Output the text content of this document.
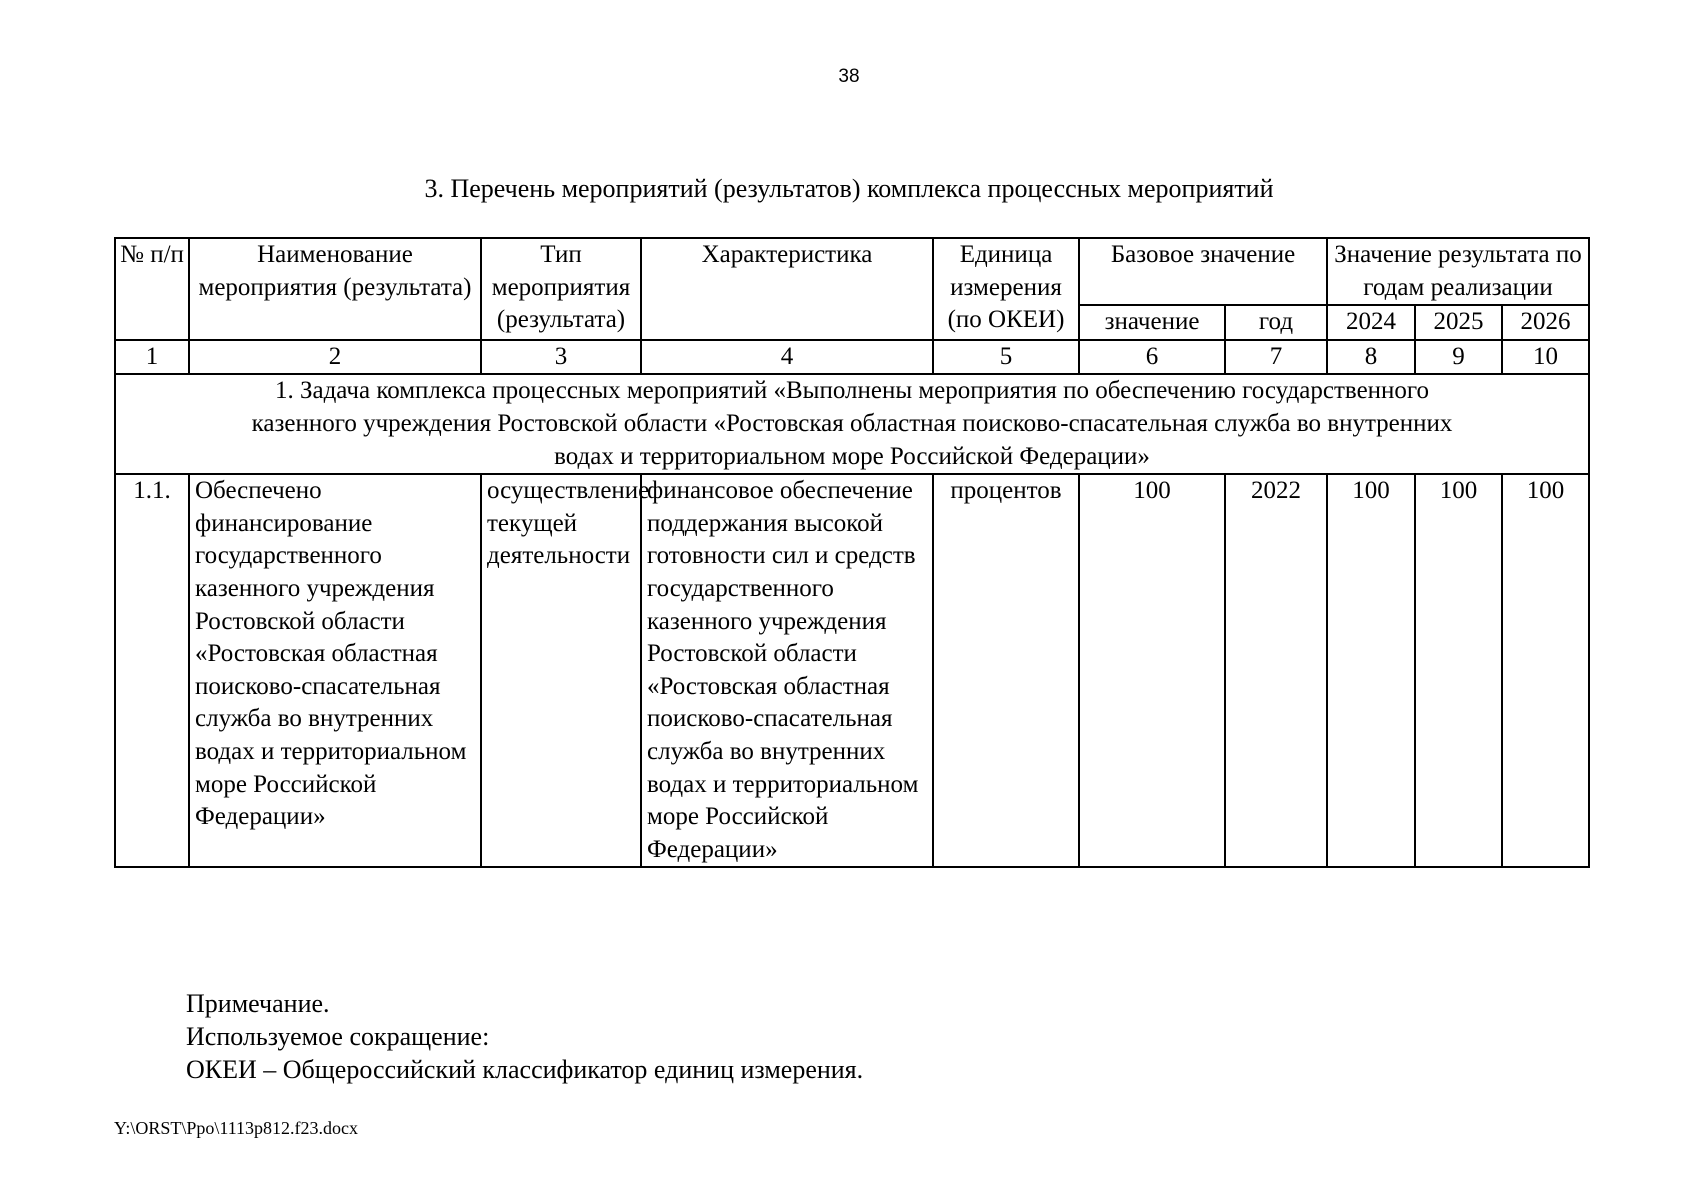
38
3. Перечень мероприятий (результатов) комплекса процессных мероприятий
№ п/п	Наименование мероприятия (результата)	Тип мероприятия (результата)	Характеристика	Единица измерения (по ОКЕИ)	Базовое значение		Значение результата по годам реализации		
					значение	год	2024	2025	2026
1	2	3	4	5	6	7	8	9	10
1. Задача комплекса процессных мероприятий «Выполнены мероприятия по обеспечению государственного казенного учреждения Ростовской области «Ростовская областная поисково-спасательная служба во внутренних водах и территориальном море Российской Федерации»									
1.1.	Обеспечено финансирование государственного казенного учреждения Ростовской области «Ростовская областная поисково-спасательная служба во внутренних водах и территориальном море Российской Федерации»	осуществление текущей деятельности	финансовое обеспечение поддержания высокой готовности сил и средств государственного казенного учреждения Ростовской области «Ростовская областная поисково-спасательная служба во внутренних водах и территориальном море Российской Федерации»	процентов	100	2022	100	100	100
Примечание.
Используемое сокращение:
ОКЕИ – Общероссийский классификатор единиц измерения.
Y:\ORST\Ppo\1113p812.f23.docx
